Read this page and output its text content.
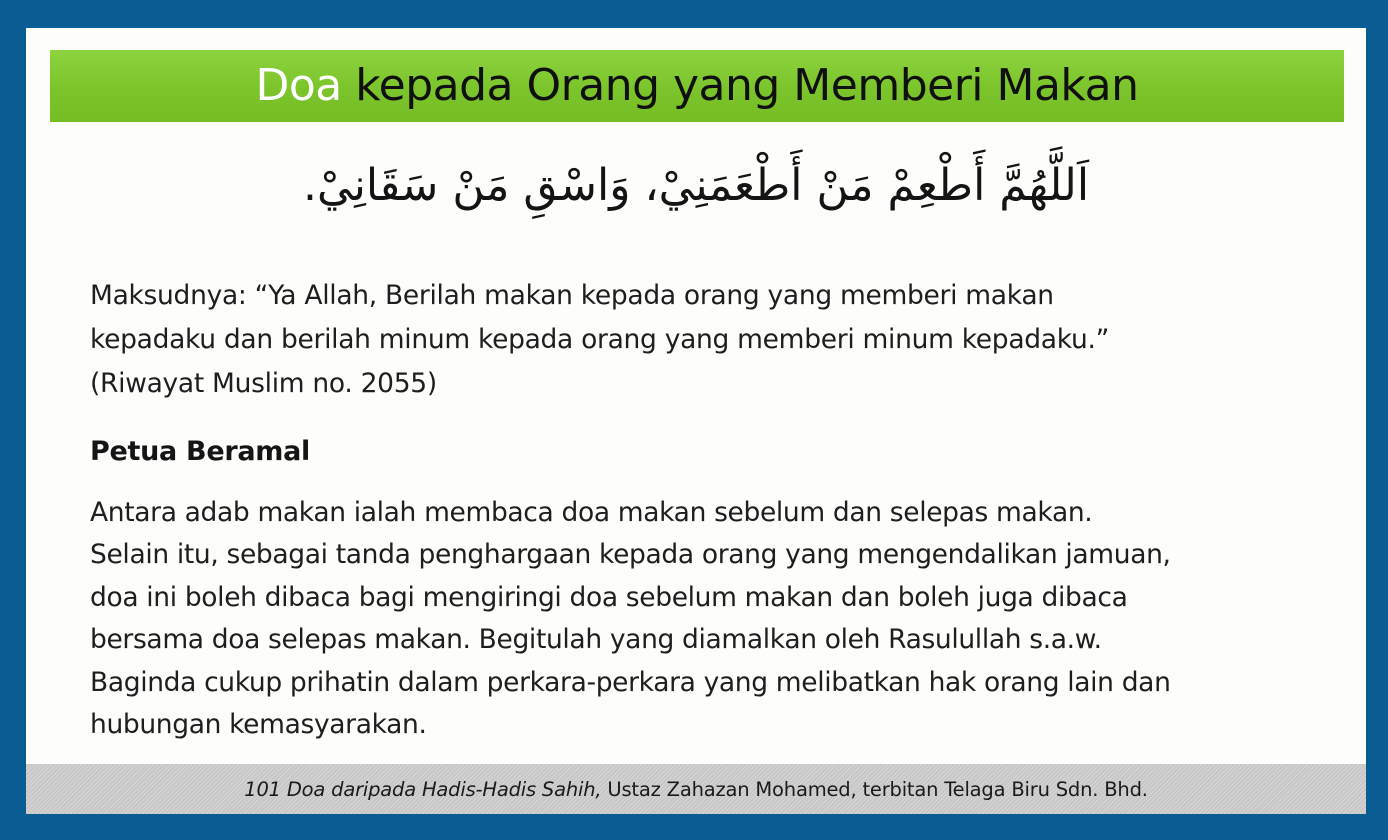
Doa kepada Orang yang Memberi Makan
اَللَّهُمَّ أَطْعِمْ مَنْ أَطْعَمَنِيْ، وَاسْقِ مَنْ سَقَانِيْ.
Maksudnya: “Ya Allah, Berilah makan kepada orang yang memberi makan
kepadaku dan berilah minum kepada orang yang memberi minum kepadaku.”
(Riwayat Muslim no. 2055)
Petua Beramal
Antara adab makan ialah membaca doa makan sebelum dan selepas makan.
Selain itu, sebagai tanda penghargaan kepada orang yang mengendalikan jamuan,
doa ini boleh dibaca bagi mengiringi doa sebelum makan dan boleh juga dibaca
bersama doa selepas makan. Begitulah yang diamalkan oleh Rasulullah s.a.w.
Baginda cukup prihatin dalam perkara-perkara yang melibatkan hak orang lain dan
hubungan kemasyarakan.
101 Doa daripada Hadis-Hadis Sahih, Ustaz Zahazan Mohamed, terbitan Telaga Biru Sdn. Bhd.
